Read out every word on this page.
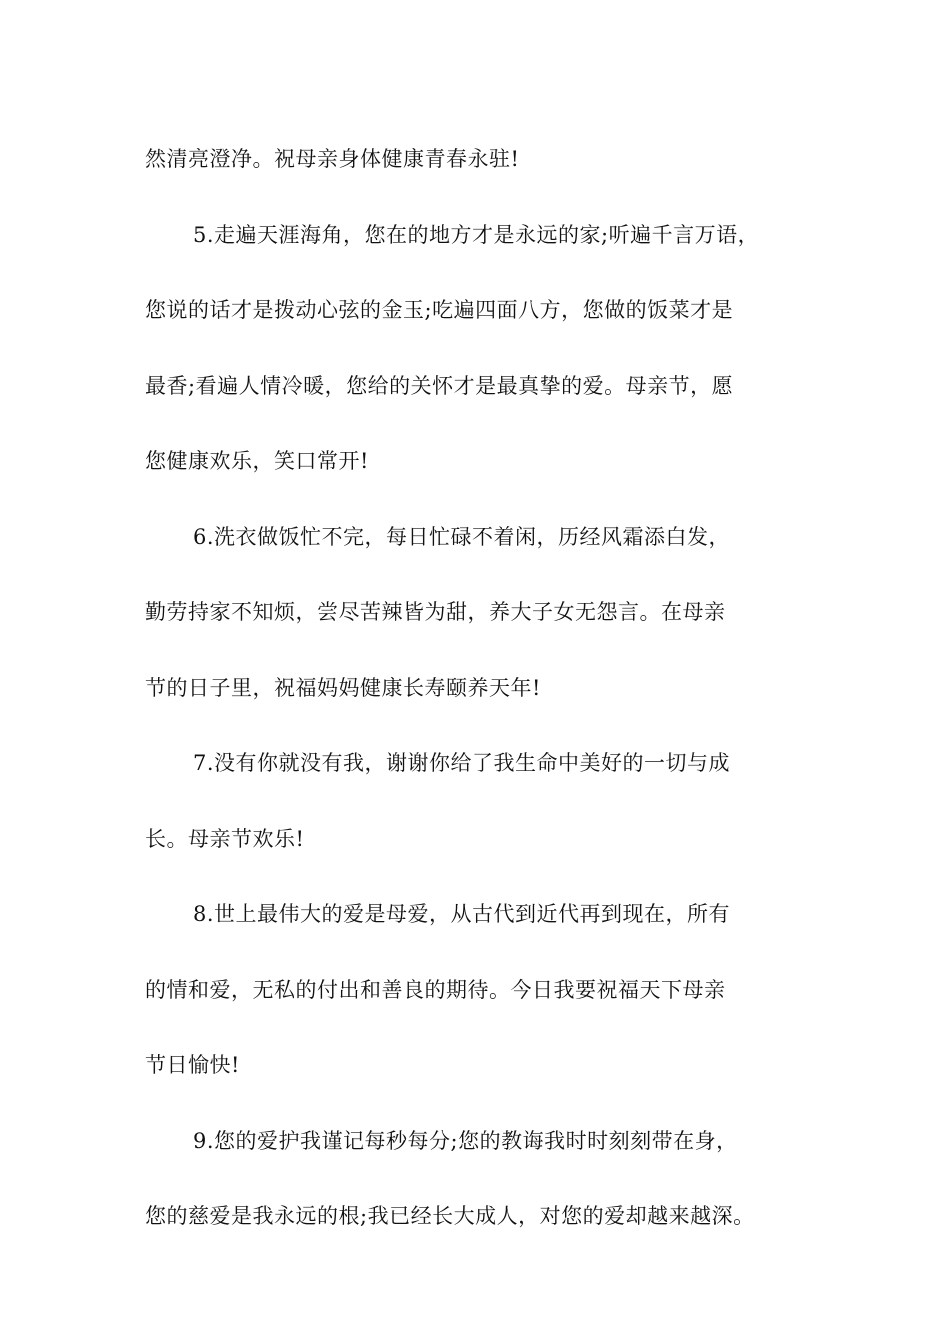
然清亮澄净。祝母亲身体健康青春永驻!
5.走遍天涯海角，您在的地方才是永远的家;听遍千言万语，
您说的话才是拨动心弦的金玉;吃遍四面八方，您做的饭菜才是
最香;看遍人情冷暖，您给的关怀才是最真挚的爱。母亲节，愿
您健康欢乐，笑口常开!
6.洗衣做饭忙不完，每日忙碌不着闲，历经风霜添白发，
勤劳持家不知烦，尝尽苦辣皆为甜，养大子女无怨言。在母亲
节的日子里，祝福妈妈健康长寿颐养天年!
7.没有你就没有我，谢谢你给了我生命中美好的一切与成
长。母亲节欢乐!
8.世上最伟大的爱是母爱，从古代到近代再到现在，所有
的情和爱，无私的付出和善良的期待。今日我要祝福天下母亲
节日愉快!
9.您的爱护我谨记每秒每分;您的教诲我时时刻刻带在身，
您的慈爱是我永远的根;我已经长大成人，对您的爱却越来越深。
